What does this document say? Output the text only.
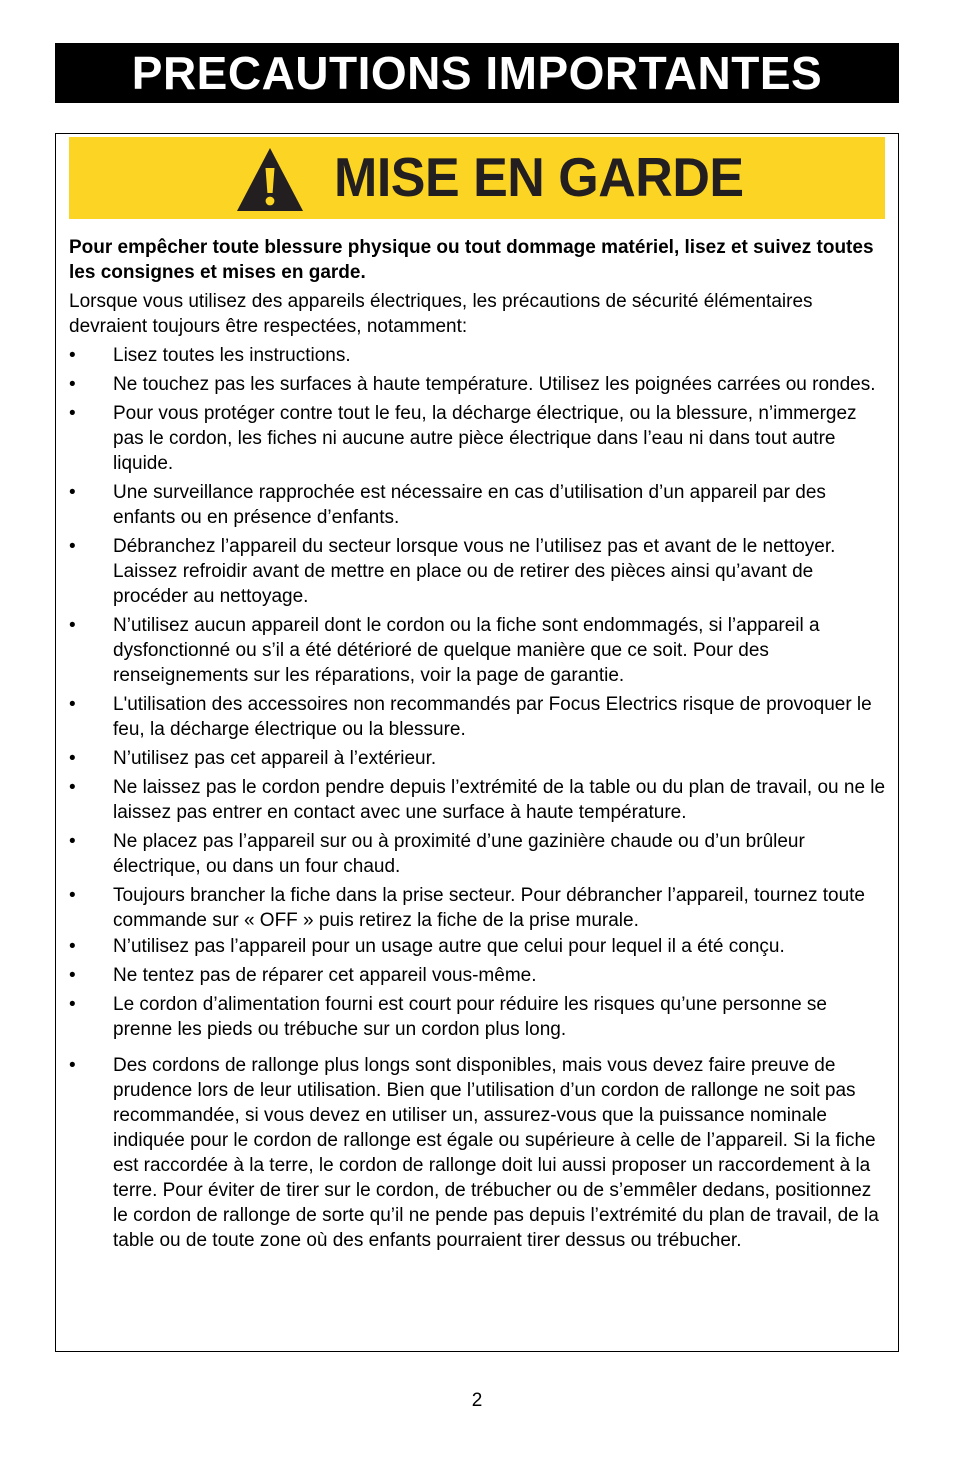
PRECAUTIONS IMPORTANTES
MISE EN GARDE

Pour empêcher toute blessure physique ou tout dommage matériel, lisez et suivez toutes les consignes et mises en garde.

Lorsque vous utilisez des appareils électriques, les précautions de sécurité élémentaires devraient toujours être respectées, notamment:

• Lisez toutes les instructions.
• Ne touchez pas les surfaces à haute température. Utilisez les poignées carrées ou rondes.
• Pour vous protéger contre tout le feu, la décharge électrique, ou la blessure, n’immergez pas le cordon, les fiches ni aucune autre pièce électrique dans l’eau ni dans tout autre liquide.
• Une surveillance rapprochée est nécessaire en cas d’utilisation d’un appareil par des enfants ou en présence d’enfants.
• Débranchez l’appareil du secteur lorsque vous ne l’utilisez pas et avant de le nettoyer. Laissez refroidir avant de mettre en place ou de retirer des pièces ainsi qu’avant de procéder au nettoyage.
• N’utilisez aucun appareil dont le cordon ou la fiche sont endommagés, si l’appareil a dysfonctionné ou s’il a été détérioré de quelque manière que ce soit. Pour des renseignements sur les réparations, voir la page de garantie.
• L'utilisation des accessoires non recommandés par Focus Electrics risque de provoquer le feu, la décharge électrique ou la blessure.
• N’utilisez pas cet appareil à l’extérieur.
• Ne laissez pas le cordon pendre depuis l’extrémité de la table ou du plan de travail, ou ne le laissez pas entrer en contact avec une surface à haute température.
• Ne placez pas l’appareil sur ou à proximité d’une gazinière chaude ou d’un brûleur électrique, ou dans un four chaud.
• Toujours brancher la fiche dans la prise secteur. Pour débrancher l’appareil, tournez toute commande sur « OFF » puis retirez la fiche de la prise murale.
• N’utilisez pas l’appareil pour un usage autre que celui pour lequel il a été conçu.
• Ne tentez pas de réparer cet appareil vous-même.
• Le cordon d’alimentation fourni est court pour réduire les risques qu’une personne se prenne les pieds ou trébuche sur un cordon plus long.
• Des cordons de rallonge plus longs sont disponibles, mais vous devez faire preuve de prudence lors de leur utilisation. Bien que l’utilisation d’un cordon de rallonge ne soit pas recommandée, si vous devez en utiliser un, assurez-vous que la puissance nominale indiquée pour le cordon de rallonge est égale ou supérieure à celle de l’appareil. Si la fiche est raccordée à la terre, le cordon de rallonge doit lui aussi proposer un raccordement à la terre. Pour éviter de tirer sur le cordon, de trébucher ou de s’emmêler dedans, positionnez le cordon de rallonge de sorte qu’il ne pende pas depuis l’extrémité du plan de travail, de la table ou de toute zone où des enfants pourraient tirer dessus ou trébucher.
2
